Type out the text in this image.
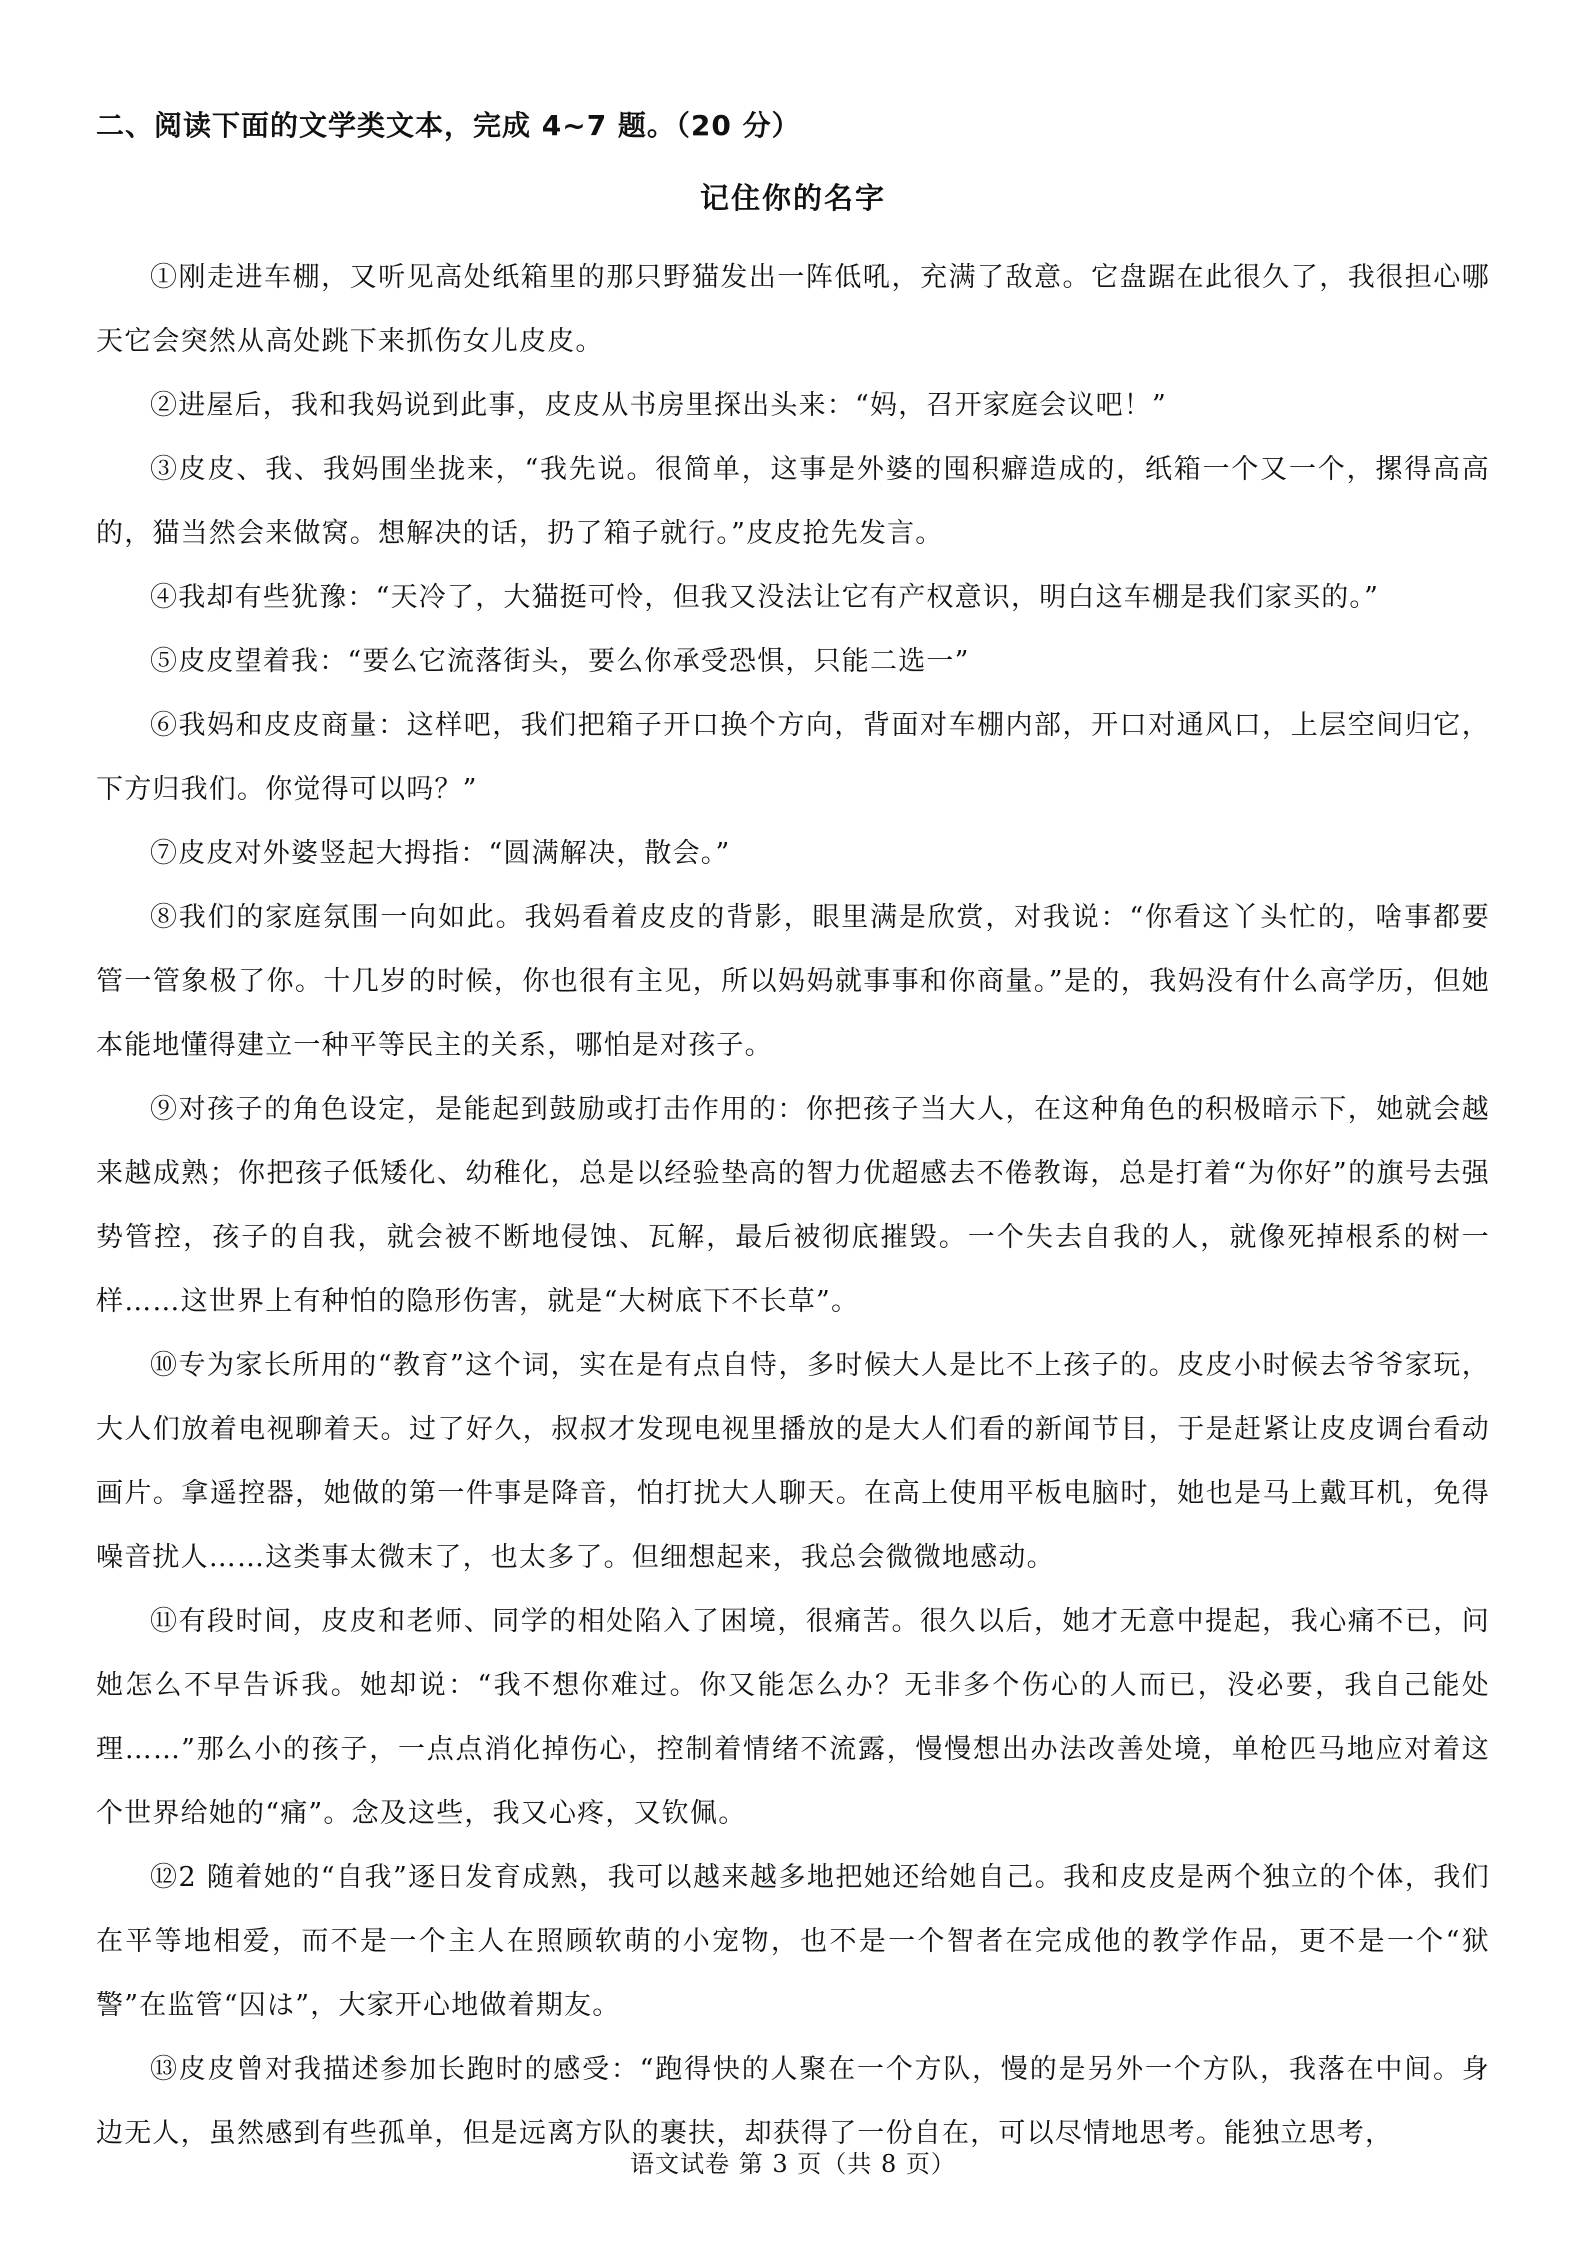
二、阅读下面的文学类文本，完成 4~7 题。（20 分）
记住你的名字

①刚走进车棚，又听见高处纸箱里的那只野猫发出一阵低吼，充满了敌意。它盘踞在此很久了，我很担心哪天它会突然从高处跳下来抓伤女儿皮皮。

②进屋后，我和我妈说到此事，皮皮从书房里探出头来：“妈，召开家庭会议吧！”

③皮皮、我、我妈围坐拢来，“我先说。很简单，这事是外婆的囤积癖造成的，纸箱一个又一个，摞得高高的，猫当然会来做窝。想解决的话，扔了箱子就行。”皮皮抢先发言。

④我却有些犹豫：“天冷了，大猫挺可怜，但我又没法让它有产权意识，明白这车棚是我们家买的。”

⑤皮皮望着我：“要么它流落街头，要么你承受恐惧，只能二选一”

⑥我妈和皮皮商量：这样吧，我们把箱子开口换个方向，背面对车棚内部，开口对通风口，上层空间归它，下方归我们。你觉得可以吗？”

⑦皮皮对外婆竖起大拇指：“圆满解决，散会。”

⑧我们的家庭氛围一向如此。我妈看着皮皮的背影，眼里满是欣赏，对我说：“你看这丫头忙的，啥事都要管一管象极了你。十几岁的时候，你也很有主见，所以妈妈就事事和你商量。”是的，我妈没有什么高学历，但她本能地懂得建立一种平等民主的关系，哪怕是对孩子。

⑨对孩子的角色设定，是能起到鼓励或打击作用的：你把孩子当大人，在这种角色的积极暗示下，她就会越来越成熟；你把孩子低矮化、幼稚化，总是以经验垫高的智力优超感去不倦教诲，总是打着“为你好”的旗号去强势管控，孩子的自我，就会被不断地侵蚀、瓦解，最后被彻底摧毁。一个失去自我的人，就像死掉根系的树一样……这世界上有种怕的隐形伤害，就是“大树底下不长草”。

⑩专为家长所用的“教育”这个词，实在是有点自恃，多时候大人是比不上孩子的。皮皮小时候去爷爷家玩，大人们放着电视聊着天。过了好久，叔叔才发现电视里播放的是大人们看的新闻节目，于是赶紧让皮皮调台看动画片。拿遥控器，她做的第一件事是降音，怕打扰大人聊天。在高上使用平板电脑时，她也是马上戴耳机，免得噪音扰人……这类事太微末了，也太多了。但细想起来，我总会微微地感动。

⑪有段时间，皮皮和老师、同学的相处陷入了困境，很痛苦。很久以后，她才无意中提起，我心痛不已，问她怎么不早告诉我。她却说：“我不想你难过。你又能怎么办？无非多个伤心的人而已，没必要，我自己能处理……”那么小的孩子，一点点消化掉伤心，控制着情绪不流露，慢慢想出办法改善处境，单枪匹马地应对着这个世界给她的“痛”。念及这些，我又心疼，又钦佩。

⑫2 随着她的“自我”逐日发育成熟，我可以越来越多地把她还给她自己。我和皮皮是两个独立的个体，我们在平等地相爱，而不是一个主人在照顾软萌的小宠物，也不是一个智者在完成他的教学作品，更不是一个“狱警”在监管“囚は”，大家开心地做着期友。

⑬皮皮曾对我描述参加长跑时的感受：“跑得快的人聚在一个方队，慢的是另外一个方队，我落在中间。身边无人，虽然感到有些孤单，但是远离方队的裹扶，却获得了一份自在，可以尽情地思考。能独立思考，

语文试卷 第 3 页（共 8 页）
